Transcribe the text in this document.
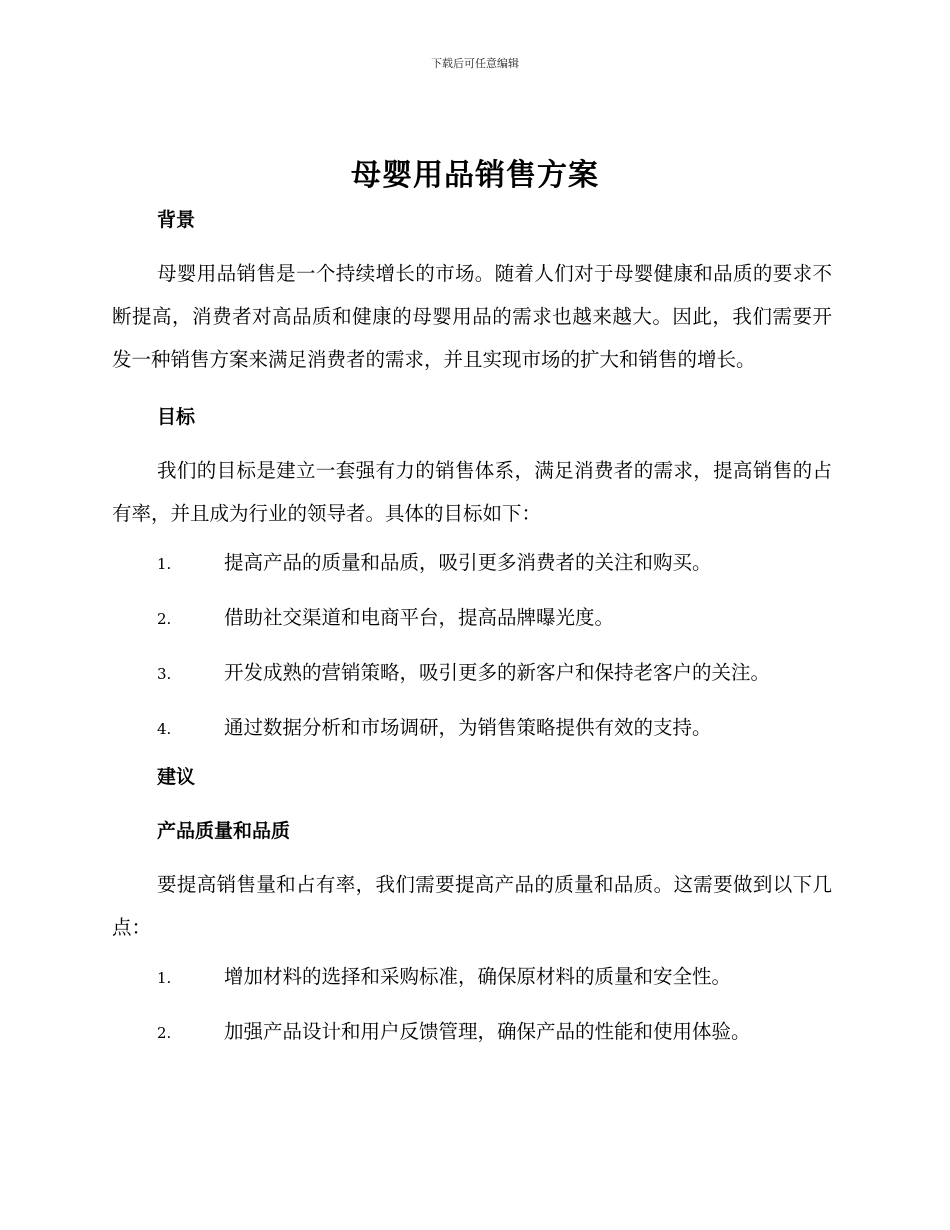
下载后可任意编辑
母婴用品销售方案
背景

母婴用品销售是一个持续增长的市场。随着人们对于母婴健康和品质的要求不断提高，消费者对高品质和健康的母婴用品的需求也越来越大。因此，我们需要开发一种销售方案来满足消费者的需求，并且实现市场的扩大和销售的增长。

目标

我们的目标是建立一套强有力的销售体系，满足消费者的需求，提高销售的占有率，并且成为行业的领导者。具体的目标如下：

1.	提高产品的质量和品质，吸引更多消费者的关注和购买。
2.	借助社交渠道和电商平台，提高品牌曝光度。
3.	开发成熟的营销策略，吸引更多的新客户和保持老客户的关注。
4.	通过数据分析和市场调研，为销售策略提供有效的支持。
建议
产品质量和品质

要提高销售量和占有率，我们需要提高产品的质量和品质。这需要做到以下几点：

1.	增加材料的选择和采购标准，确保原材料的质量和安全性。
2.	加强产品设计和用户反馈管理，确保产品的性能和使用体验。
